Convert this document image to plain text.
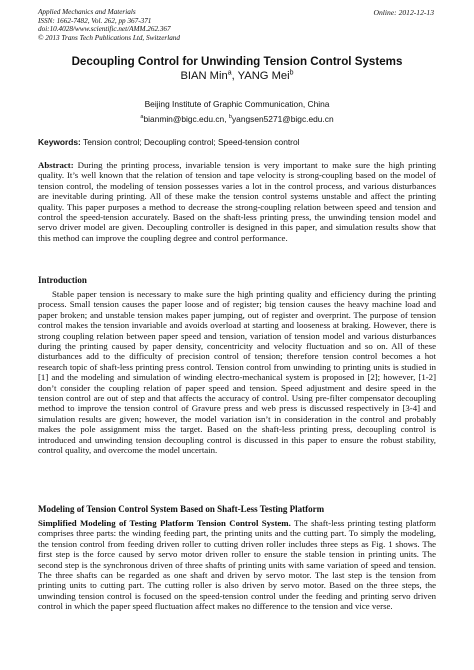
Applied Mechanics and Materials
ISSN: 1662-7482, Vol. 262, pp 367-371
doi:10.4028/www.scientific.net/AMM.262.367
© 2013 Trans Tech Publications Ltd, Switzerland
Online: 2012-12-13
Decoupling Control for Unwinding Tension Control Systems
BIAN Min$^a$, YANG Mei$^b$
Beijing Institute of Graphic Communication, China
$^a$bianmin@bigc.edu.cn, $^b$yangsen5271@bigc.edu.cn
Keywords: Tension control; Decoupling control; Speed-tension control
Abstract: During the printing process, invariable tension is very important to make sure the high printing quality. It’s well known that the relation of tension and tape velocity is strong-coupling based on the model of tension control, the modeling of tension possesses varies a lot in the control process, and various disturbances are inevitable during printing. All of these make the tension control systems unstable and affect the printing quality. This paper purposes a method to decrease the strong-coupling relation between speed and tension and control the speed-tension accurately. Based on the shaft-less printing press, the unwinding tension model and servo driver model are given. Decoupling controller is designed in this paper, and simulation results show that this method can improve the coupling degree and control performance.
Introduction
Stable paper tension is necessary to make sure the high printing quality and efficiency during the printing process. Small tension causes the paper loose and of register; big tension causes the heavy machine load and paper broken; and unstable tension makes paper jumping, out of register and overprint. The purpose of tension control makes the tension invariable and avoids overload at starting and looseness at braking. However, there is strong coupling relation between paper speed and tension, variation of tension model and various disturbances during the printing caused by paper density, concentricity and velocity fluctuation and so on. All of these disturbances add to the difficulty of precision control of tension; therefore tension control becomes a hot research topic of shaft-less printing press control. Tension control from unwinding to printing units is studied in [1] and the modeling and simulation of winding electro-mechanical system is proposed in [2]; however, [1-2] don’t consider the coupling relation of paper speed and tension. Speed adjustment and desire speed in the tension control are out of step and that affects the accuracy of control. Using pre-filter compensator decoupling method to improve the tension control of Gravure press and web press is discussed respectively in [3-4] and simulation results are given; however, the model variation isn’t in consideration in the control and probably makes the pole assignment miss the target. Based on the shaft-less printing press, decoupling control is introduced and unwinding tension decoupling control is discussed in this paper to ensure the robust stability, control quality, and overcome the model uncertain.
Modeling of Tension Control System Based on Shaft-Less Testing Platform
Simplified Modeling of Testing Platform Tension Control System. The shaft-less printing testing platform comprises three parts: the winding feeding part, the printing units and the cutting part. To simply the modeling, the tension control from feeding driven roller to cutting driven roller includes three steps as Fig. 1 shows. The first step is the force caused by servo motor driven roller to ensure the stable tension in printing units. The second step is the synchronous driven of three shafts of printing units with same variation of speed and tension. The three shafts can be regarded as one shaft and driven by servo motor. The last step is the tension from printing units to cutting part. The cutting roller is also driven by servo motor. Based on the three steps, the unwinding tension control is focused on the speed-tension control under the feeding and printing servo driven control in which the paper speed fluctuation affect makes no difference to the tension and vice verse.
